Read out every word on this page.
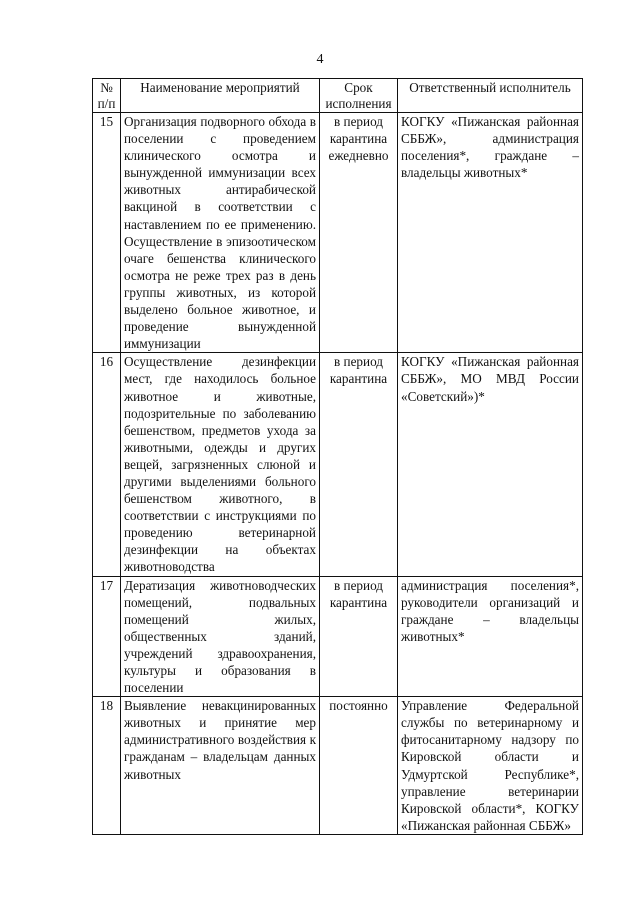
4
№ п/п	Наименование мероприятий	Срок исполнения	Ответственный исполнитель
15	Организация подворного обхода в поселении с проведением клинического осмотра и вынужденной иммунизации всех животных антирабической вакциной в соответствии с наставлением по ее применению. Осуществление в эпизоотическом очаге бешенства клинического осмотра не реже трех раз в день группы животных, из которой выделено больное животное, и проведение вынужденной иммунизации	в период карантина ежедневно	КОГКУ «Пижанская районная СББЖ», администрация поселения*, граждане – владельцы животных*
16	Осуществление дезинфекции мест, где находилось больное животное и животные, подозрительные по заболеванию бешенством, предметов ухода за животными, одежды и других вещей, загрязненных слюной и другими выделениями больного бешенством животного, в соответствии с инструкциями по проведению ветеринарной дезинфекции на объектах животноводства	в период карантина	КОГКУ «Пижанская районная СББЖ», МО МВД России «Советский»)*
17	Дератизация животноводческих помещений, подвальных помещений жилых, общественных зданий, учреждений здравоохранения, культуры и образования в поселении	в период карантина	администрация поселения*, руководители организаций и граждане – владельцы животных*
18	Выявление невакцинированных животных и принятие мер административного воздействия к гражданам – владельцам данных животных	постоянно	Управление Федеральной службы по ветеринарному и фитосанитарному надзору по Кировской области и Удмуртской Республике*, управление ветеринарии Кировской области*, КОГКУ «Пижанская районная СББЖ»
